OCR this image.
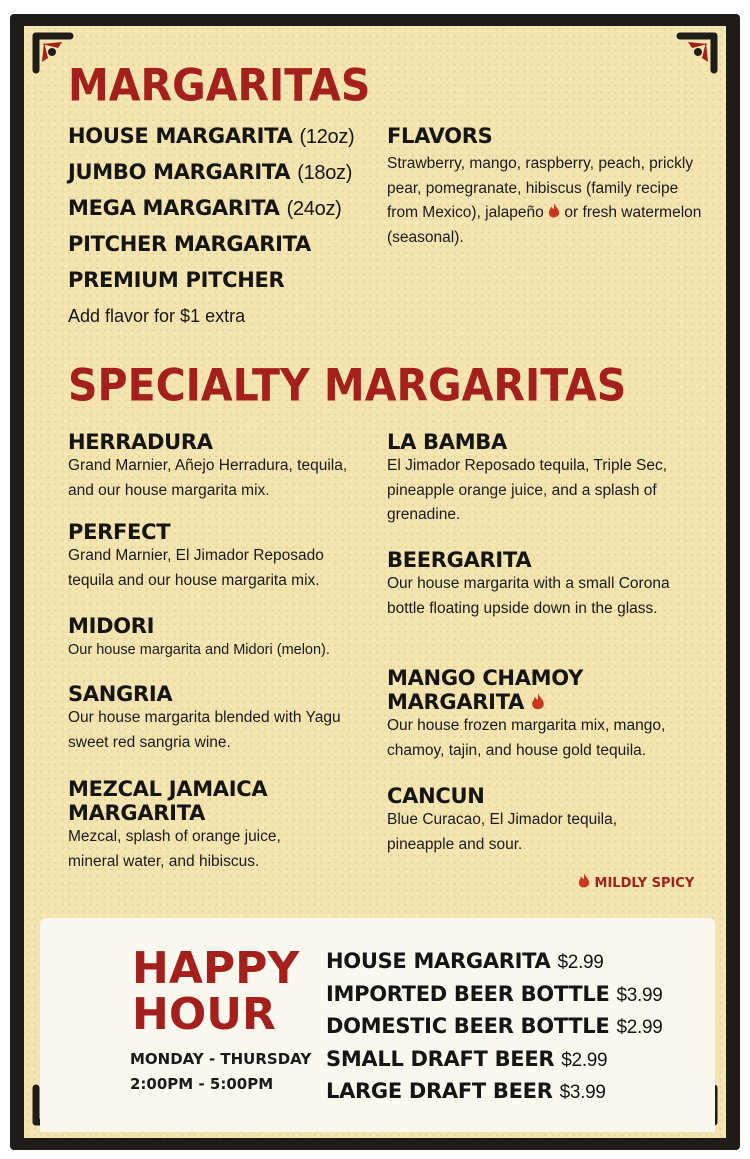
MARGARITAS
HOUSE MARGARITA (12oz)
JUMBO MARGARITA (18oz)
MEGA MARGARITA (24oz)
PITCHER MARGARITA
PREMIUM PITCHER
Add flavor for $1 extra
FLAVORS
Strawberry, mango, raspberry, peach, prickly pear, pomegranate, hibiscus (family recipe from Mexico), jalapeño or fresh watermelon (seasonal).
SPECIALTY MARGARITAS
HERRADURA
Grand Marnier, Añejo Herradura, tequila, and our house margarita mix.
PERFECT
Grand Marnier, El Jimador Reposado tequila and our house margarita mix.
MIDORI
Our house margarita and Midori (melon).
SANGRIA
Our house margarita blended with Yagu sweet red sangria wine.
MEZCAL JAMAICA MARGARITA
Mezcal, splash of orange juice, mineral water, and hibiscus.
LA BAMBA
El Jimador Reposado tequila, Triple Sec, pineapple orange juice, and a splash of grenadine.
BEERGARITA
Our house margarita with a small Corona bottle floating upside down in the glass.
MANGO CHAMOY MARGARITA
Our house frozen margarita mix, mango, chamoy, tajin, and house gold tequila.
CANCUN
Blue Curacao, El Jimador tequila, pineapple and sour.
MILDLY SPICY
HAPPY
HOUR
MONDAY - THURSDAY
2:00PM - 5:00PM
HOUSE MARGARITA $2.99
IMPORTED BEER BOTTLE $3.99
DOMESTIC BEER BOTTLE $2.99
SMALL DRAFT BEER $2.99
LARGE DRAFT BEER $3.99
